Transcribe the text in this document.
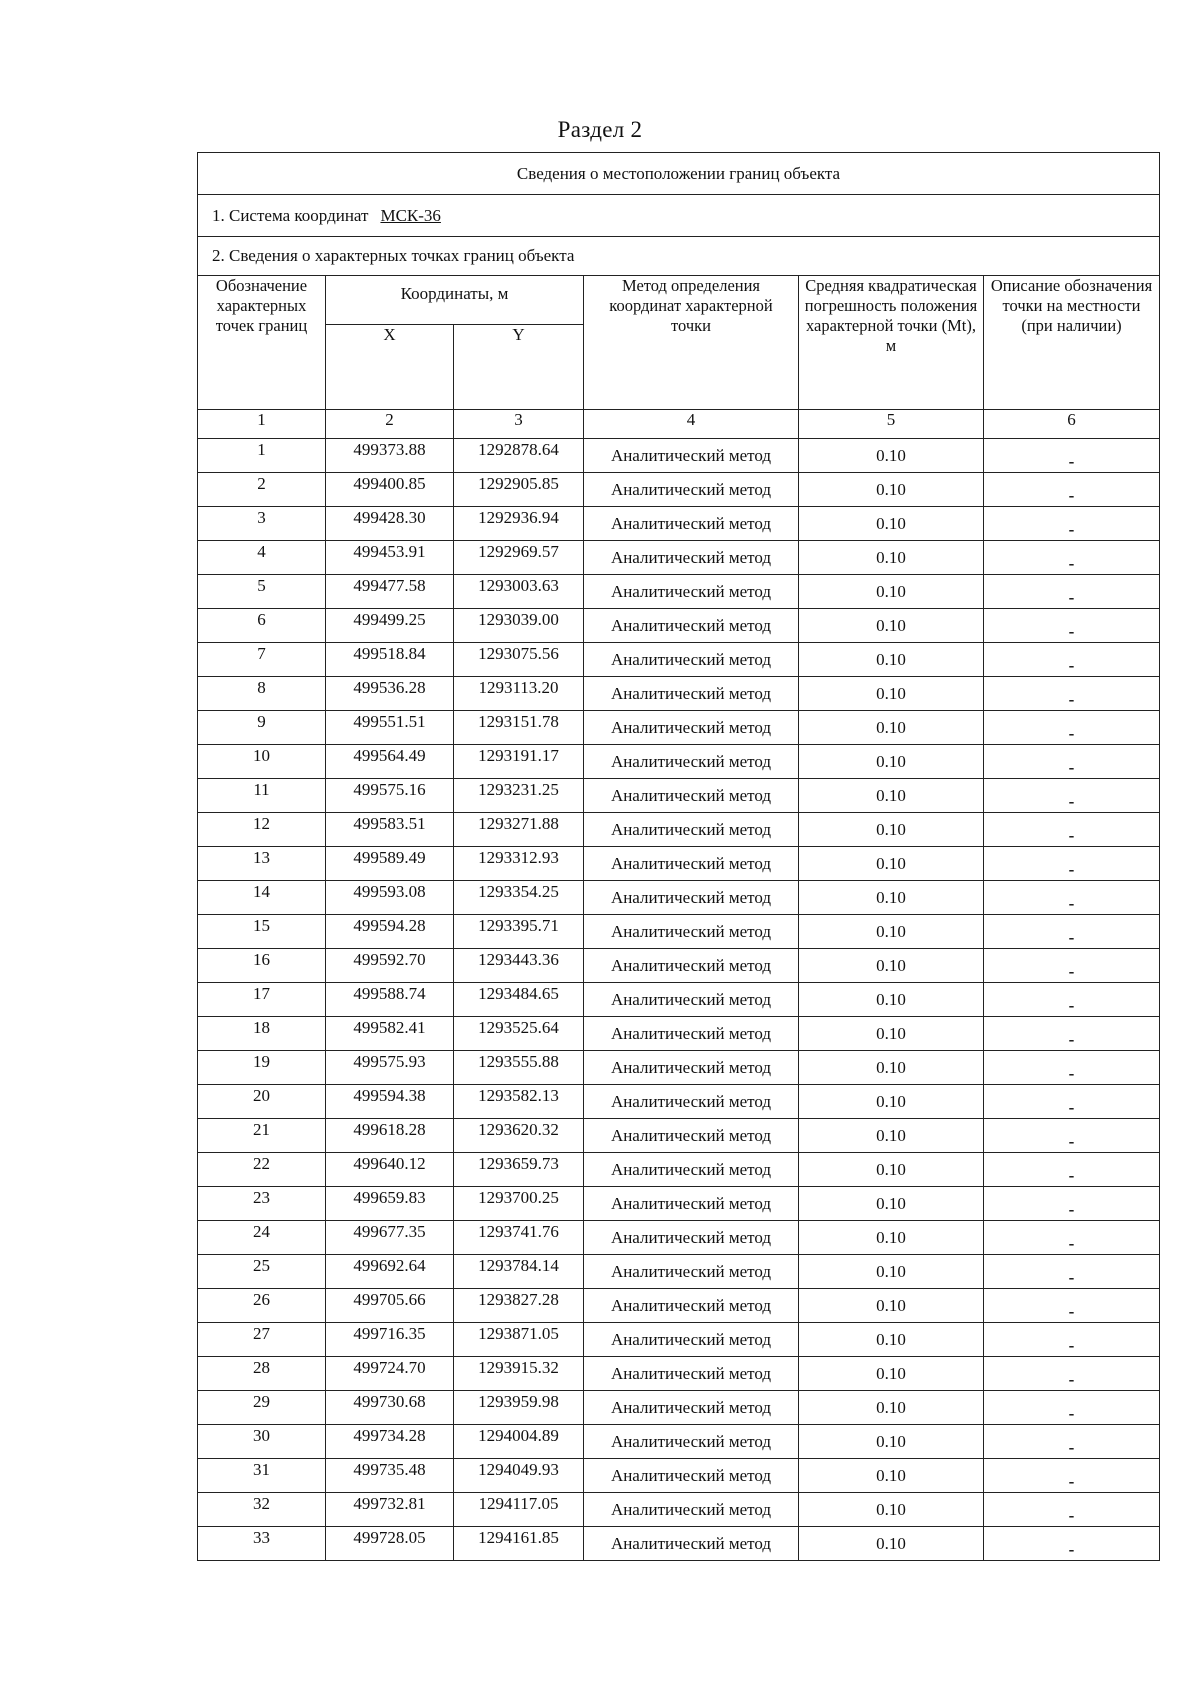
Раздел 2
Сведения о местоположении границ объекта					
1. Система координат МСК-36					
2. Сведения о характерных точках границ объекта					
Обозначение характерных точек границ	Координаты, м		Метод определения координат характерной точки	Средняя квадратическая погрешность положения характерной точки (Mt), м	Описание обозначения точки на местности (при наличии)
	X	Y			
1	2	3	4	5	6
1	499373.88	1292878.64	Аналитический метод	0.10	-
2	499400.85	1292905.85	Аналитический метод	0.10	-
3	499428.30	1292936.94	Аналитический метод	0.10	-
4	499453.91	1292969.57	Аналитический метод	0.10	-
5	499477.58	1293003.63	Аналитический метод	0.10	-
6	499499.25	1293039.00	Аналитический метод	0.10	-
7	499518.84	1293075.56	Аналитический метод	0.10	-
8	499536.28	1293113.20	Аналитический метод	0.10	-
9	499551.51	1293151.78	Аналитический метод	0.10	-
10	499564.49	1293191.17	Аналитический метод	0.10	-
11	499575.16	1293231.25	Аналитический метод	0.10	-
12	499583.51	1293271.88	Аналитический метод	0.10	-
13	499589.49	1293312.93	Аналитический метод	0.10	-
14	499593.08	1293354.25	Аналитический метод	0.10	-
15	499594.28	1293395.71	Аналитический метод	0.10	-
16	499592.70	1293443.36	Аналитический метод	0.10	-
17	499588.74	1293484.65	Аналитический метод	0.10	-
18	499582.41	1293525.64	Аналитический метод	0.10	-
19	499575.93	1293555.88	Аналитический метод	0.10	-
20	499594.38	1293582.13	Аналитический метод	0.10	-
21	499618.28	1293620.32	Аналитический метод	0.10	-
22	499640.12	1293659.73	Аналитический метод	0.10	-
23	499659.83	1293700.25	Аналитический метод	0.10	-
24	499677.35	1293741.76	Аналитический метод	0.10	-
25	499692.64	1293784.14	Аналитический метод	0.10	-
26	499705.66	1293827.28	Аналитический метод	0.10	-
27	499716.35	1293871.05	Аналитический метод	0.10	-
28	499724.70	1293915.32	Аналитический метод	0.10	-
29	499730.68	1293959.98	Аналитический метод	0.10	-
30	499734.28	1294004.89	Аналитический метод	0.10	-
31	499735.48	1294049.93	Аналитический метод	0.10	-
32	499732.81	1294117.05	Аналитический метод	0.10	-
33	499728.05	1294161.85	Аналитический метод	0.10	-
